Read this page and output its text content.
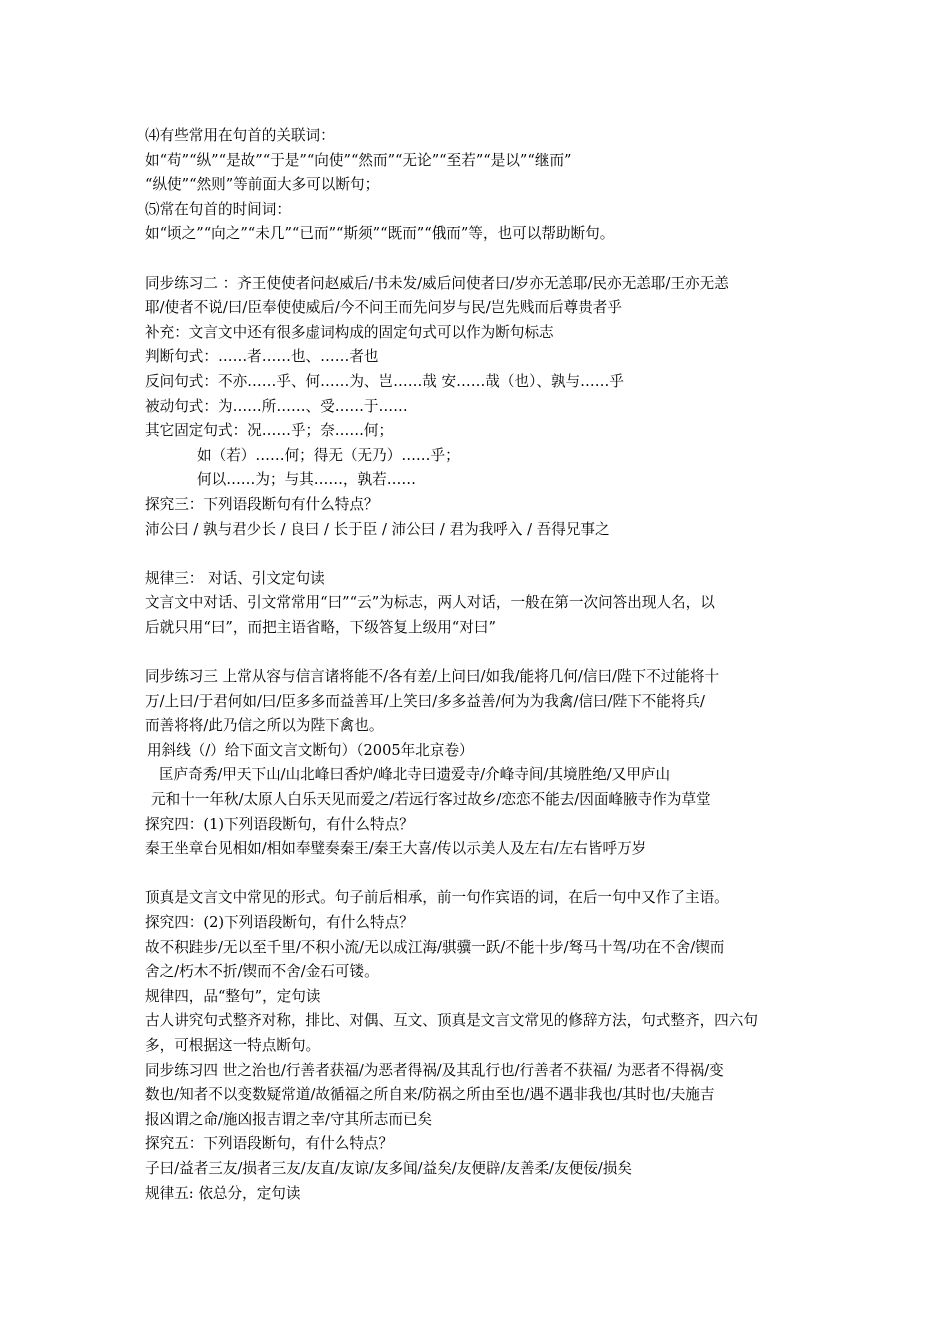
⑷有些常用在句首的关联词：
如“苟”“纵”“是故”“于是”“向使”“然而”“无论”“至若”“是以”“继而”
“纵使”“然则”等前面大多可以断句；
⑸常在句首的时间词：
如“顷之”“向之”“未几”“已而”“斯须”“既而”“俄而”等，也可以帮助断句。
同步练习二 ：齐王使使者问赵威后/书未发/威后问使者曰/岁亦无恙耶/民亦无恙耶/王亦无恙
耶/使者不说/曰/臣奉使使威后/今不问王而先问岁与民/岂先贱而后尊贵者乎
补充：文言文中还有很多虚词构成的固定句式可以作为断句标志
判断句式：……者……也、……者也
反问句式：不亦……乎、何……为、岂……哉 安……哉（也）、孰与……乎
被动句式：为……所……、受……于……
其它固定句式：况……乎；奈……何；
如（若）……何；得无（无乃）……乎；
何以……为；与其……，孰若……
探究三：下列语段断句有什么特点？
沛公曰 / 孰与君少长 / 良曰 / 长于臣 / 沛公曰 / 君为我呼入 / 吾得兄事之
规律三： 对话、引文定句读
文言文中对话、引文常常用“曰”“云”为标志，两人对话，一般在第一次问答出现人名，以
后就只用“曰”，而把主语省略，下级答复上级用“对曰”
同步练习三 上常从容与信言诸将能不/各有差/上问曰/如我/能将几何/信曰/陛下不过能将十
万/上曰/于君何如/曰/臣多多而益善耳/上笑曰/多多益善/何为为我禽/信曰/陛下不能将兵/
而善将将/此乃信之所以为陛下禽也。
用斜线（/）给下面文言文断句）（2005年北京卷）
匡庐奇秀/甲天下山/山北峰曰香炉/峰北寺曰遗爱寺/介峰寺间/其境胜绝/又甲庐山
元和十一年秋/太原人白乐天见而爱之/若远行客过故乡/恋恋不能去/因面峰腋寺作为草堂
探究四：(1)下列语段断句，有什么特点？
秦王坐章台见相如/相如奉璧奏秦王/秦王大喜/传以示美人及左右/左右皆呼万岁
顶真是文言文中常见的形式。句子前后相承，前一句作宾语的词，在后一句中又作了主语。
探究四：(2)下列语段断句，有什么特点？
故不积跬步/无以至千里/不积小流/无以成江海/骐骥一跃/不能十步/驽马十驾/功在不舍/锲而
舍之/朽木不折/锲而不舍/金石可镂。
规律四，品“整句”，定句读
古人讲究句式整齐对称，排比、对偶、互文、顶真是文言文常见的修辞方法，句式整齐，四六句
多，可根据这一特点断句。
同步练习四 世之治也/行善者获福/为恶者得祸/及其乱行也/行善者不获福/ 为恶者不得祸/变
数也/知者不以变数疑常道/故循福之所自来/防祸之所由至也/遇不遇非我也/其时也/夫施吉
报凶谓之命/施凶报吉谓之幸/守其所志而已矣
探究五：下列语段断句，有什么特点？
子曰/益者三友/损者三友/友直/友谅/友多闻/益矣/友便辟/友善柔/友便佞/损矣
规律五: 依总分，定句读
